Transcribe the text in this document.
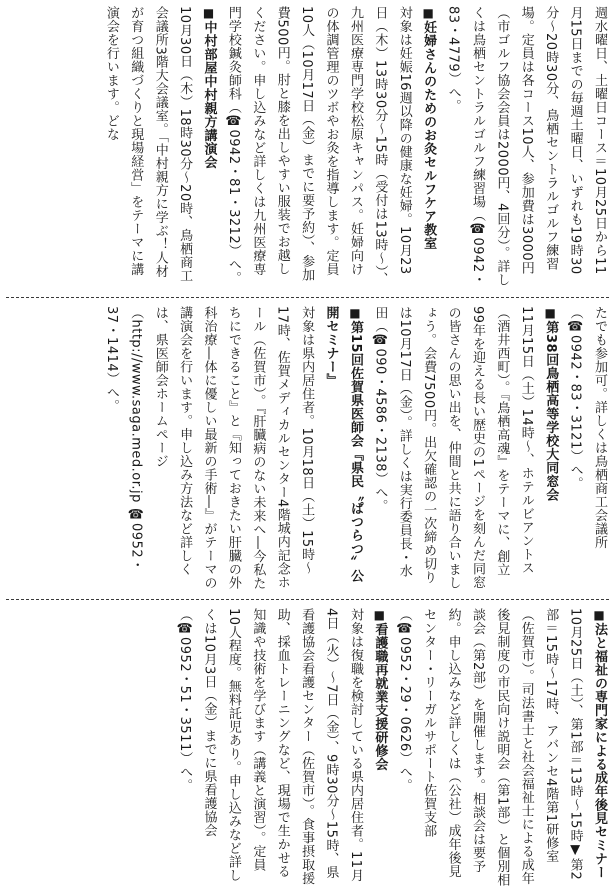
週水曜日、土曜日コース＝10月25日から11月15日までの毎週土曜日、いずれも19時30分～20時30分、鳥栖セントラルゴルフ練習場。定員は各コース10人、参加費は3000円（市ゴルフ協会会員は2000円、4回分）。詳しくは鳥栖セントラルゴルフ練習場（☎0942・83・4779）へ。

■妊婦さんのためのお灸セルフケア教室

対象は妊娠16週以降の健康な妊婦。10月23日（木）13時30分～15時（受付は13時～）、九州医療専門学校松原キャンパス。妊婦向けの体調管理のツボやお灸を指導します。定員10人（10月17日（金）までに要予約）、参加費500円。肘と膝を出しやすい服装でお越しください。申し込みなど詳しくは九州医療専門学校鍼灸師科（☎0942・81・3212）へ。

■中村部屋中村親方講演会

10月30日（木）18時30分～20時、鳥栖商工会議所3階大会議室。「中村親方に学ぶ！人材が育つ組織づくりと現場経営」をテーマに講演会を行います。どな

たでも参加可。詳しくは鳥栖商工会議所（☎0942・83・3121）へ。

■第38回鳥栖高等学校大同窓会

11月15日（土）14時～、ホテルビアントス（酒井西町）。『鳥栖高魂』をテーマに、創立99年を迎える長い歴史の1ページを刻んだ同窓の皆さんの思い出を、仲間と共に語り合いましょう。会費7500円。出欠確認の一次締め切りは10月17日（金）。詳しくは実行委員長・水田（☎090・4586・2138）へ。

■第15回佐賀県医師会『県民〝ぱつらつ〟公開セミナー』

対象は県内居住者。10月18日（土）15時～17時、佐賀メディカルセンター4階城内記念ホール（佐賀市）。『肝臓病のない未来へ―今私たちにできること』と『知っておきたい肝臓の外科治療―体に優しい最新の手術―』がテーマの講演会を行います。申し込み方法など詳しくは、県医師会ホームページ（http://www.saga.med.or.jp ☎0952・37・1414）へ。

■法と福祉の専門家による成年後見セミナー

10月25日（土）、第1部＝13時～15時▼第2部＝15時～17時、アバンセ4階第1研修室（佐賀市）。司法書士と社会福祉士による成年後見制度の市民向け説明会（第1部）と個別相談会（第2部）を開催します。相談会は要予約。申し込みなど詳しくは（公社）成年後見センター・リーガルサポート佐賀支部（☎0952・29・0626）へ。

■看護職再就業支援研修会

対象は復職を検討している県内居住者。11月4日（火）～7日（金）、9時30分～15時、県看護協会看護センター（佐賀市）。食事摂取援助、採血トレーニングなど、現場で生かせる知識や技術を学びます（講義と演習）。定員10人程度。無料託児あり。申し込みなど詳しくは10月3日（金）までに県看護協会（☎0952・51・3511）へ。
